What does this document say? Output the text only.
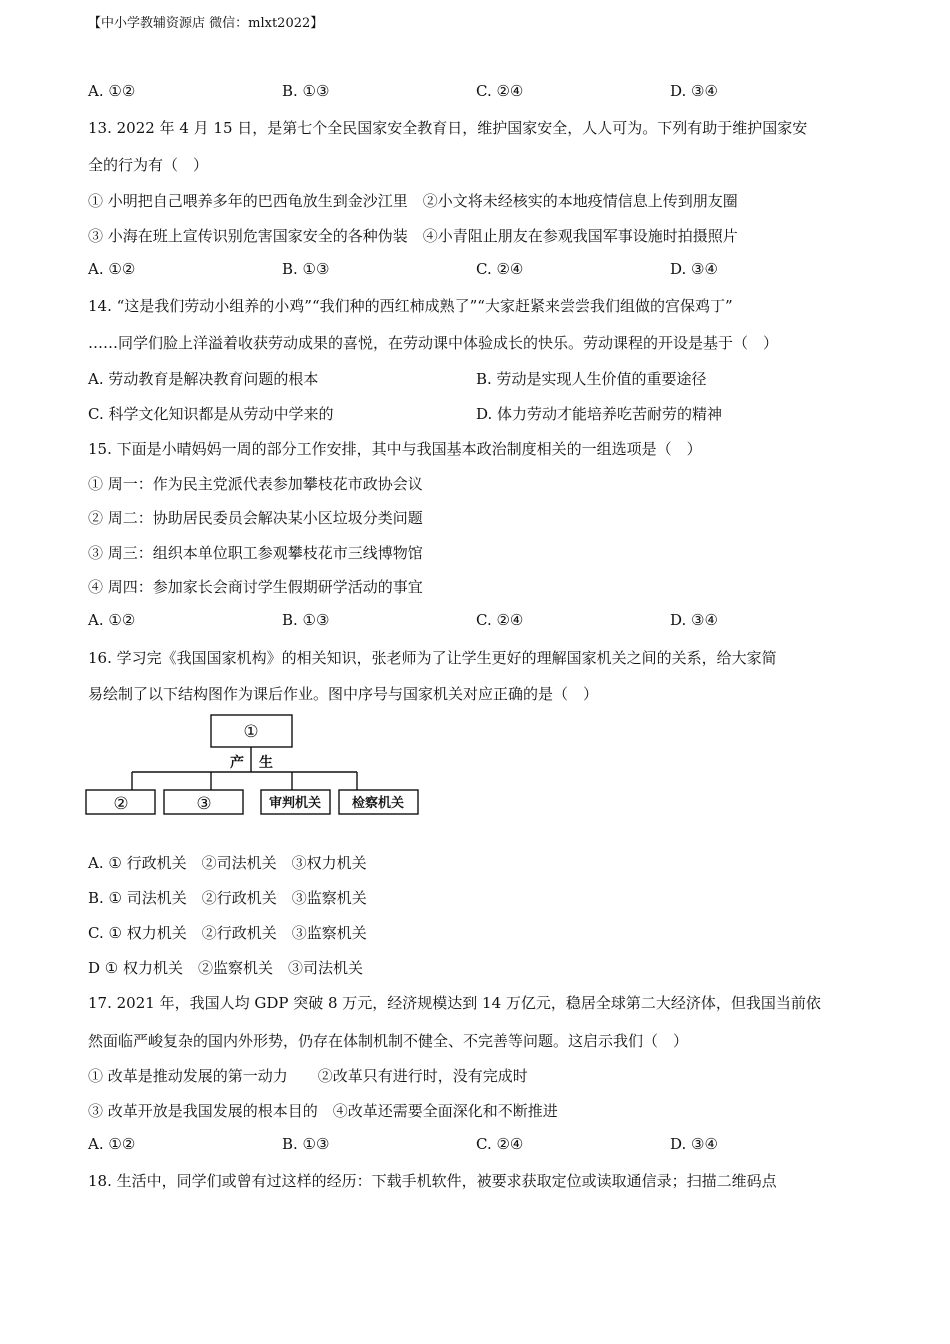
【中小学教辅资源店 微信：mlxt2022】
A. ①②	B. ①③	C. ②④	D. ③④
13. 2022 年 4 月 15 日，是第七个全民国家安全教育日，维护国家安全，人人可为。下列有助于维护国家安
全的行为有（　）
① 小明把自己喂养多年的巴西龟放生到金沙江里　②小文将未经核实的本地疫情信息上传到朋友圈
③ 小海在班上宣传识别危害国家安全的各种伪装　④小青阻止朋友在参观我国军事设施时拍摄照片
A. ①②	B. ①③	C. ②④	D. ③④
14. “这是我们劳动小组养的小鸡”“我们种的西红柿成熟了”“大家赶紧来尝尝我们组做的宫保鸡丁”
……同学们脸上洋溢着收获劳动成果的喜悦，在劳动课中体验成长的快乐。劳动课程的开设是基于（　）
A. 劳动教育是解决教育问题的根本	B. 劳动是实现人生价值的重要途径
C. 科学文化知识都是从劳动中学来的	D. 体力劳动才能培养吃苦耐劳的精神
15. 下面是小晴妈妈一周的部分工作安排，其中与我国基本政治制度相关的一组选项是（　）
① 周一：作为民主党派代表参加攀枝花市政协会议
② 周二：协助居民委员会解决某小区垃圾分类问题
③ 周三：组织本单位职工参观攀枝花市三线博物馆
④ 周四：参加家长会商讨学生假期研学活动的事宜
A. ①②	B. ①③	C. ②④	D. ③④
16. 学习完《我国国家机构》的相关知识，张老师为了让学生更好的理解国家机关之间的关系，给大家简
易绘制了以下结构图作为课后作业。图中序号与国家机关对应正确的是（　）
①
产 生
②	③	审判机关 检察机关
A. ① 行政机关　②司法机关　③权力机关
B. ① 司法机关　②行政机关　③监察机关
C. ① 权力机关　②行政机关　③监察机关
D ① 权力机关　②监察机关　③司法机关
17. 2021 年，我国人均 GDP 突破 8 万元，经济规模达到 14 万亿元，稳居全球第二大经济体，但我国当前依
然面临严峻复杂的国内外形势，仍存在体制机制不健全、不完善等问题。这启示我们（　）
① 改革是推动发展的第一动力　　②改革只有进行时，没有完成时
③ 改革开放是我国发展的根本目的　④改革还需要全面深化和不断推进
A. ①②	B. ①③	C. ②④	D. ③④
18. 生活中，同学们或曾有过这样的经历：下载手机软件，被要求获取定位或读取通信录；扫描二维码点
